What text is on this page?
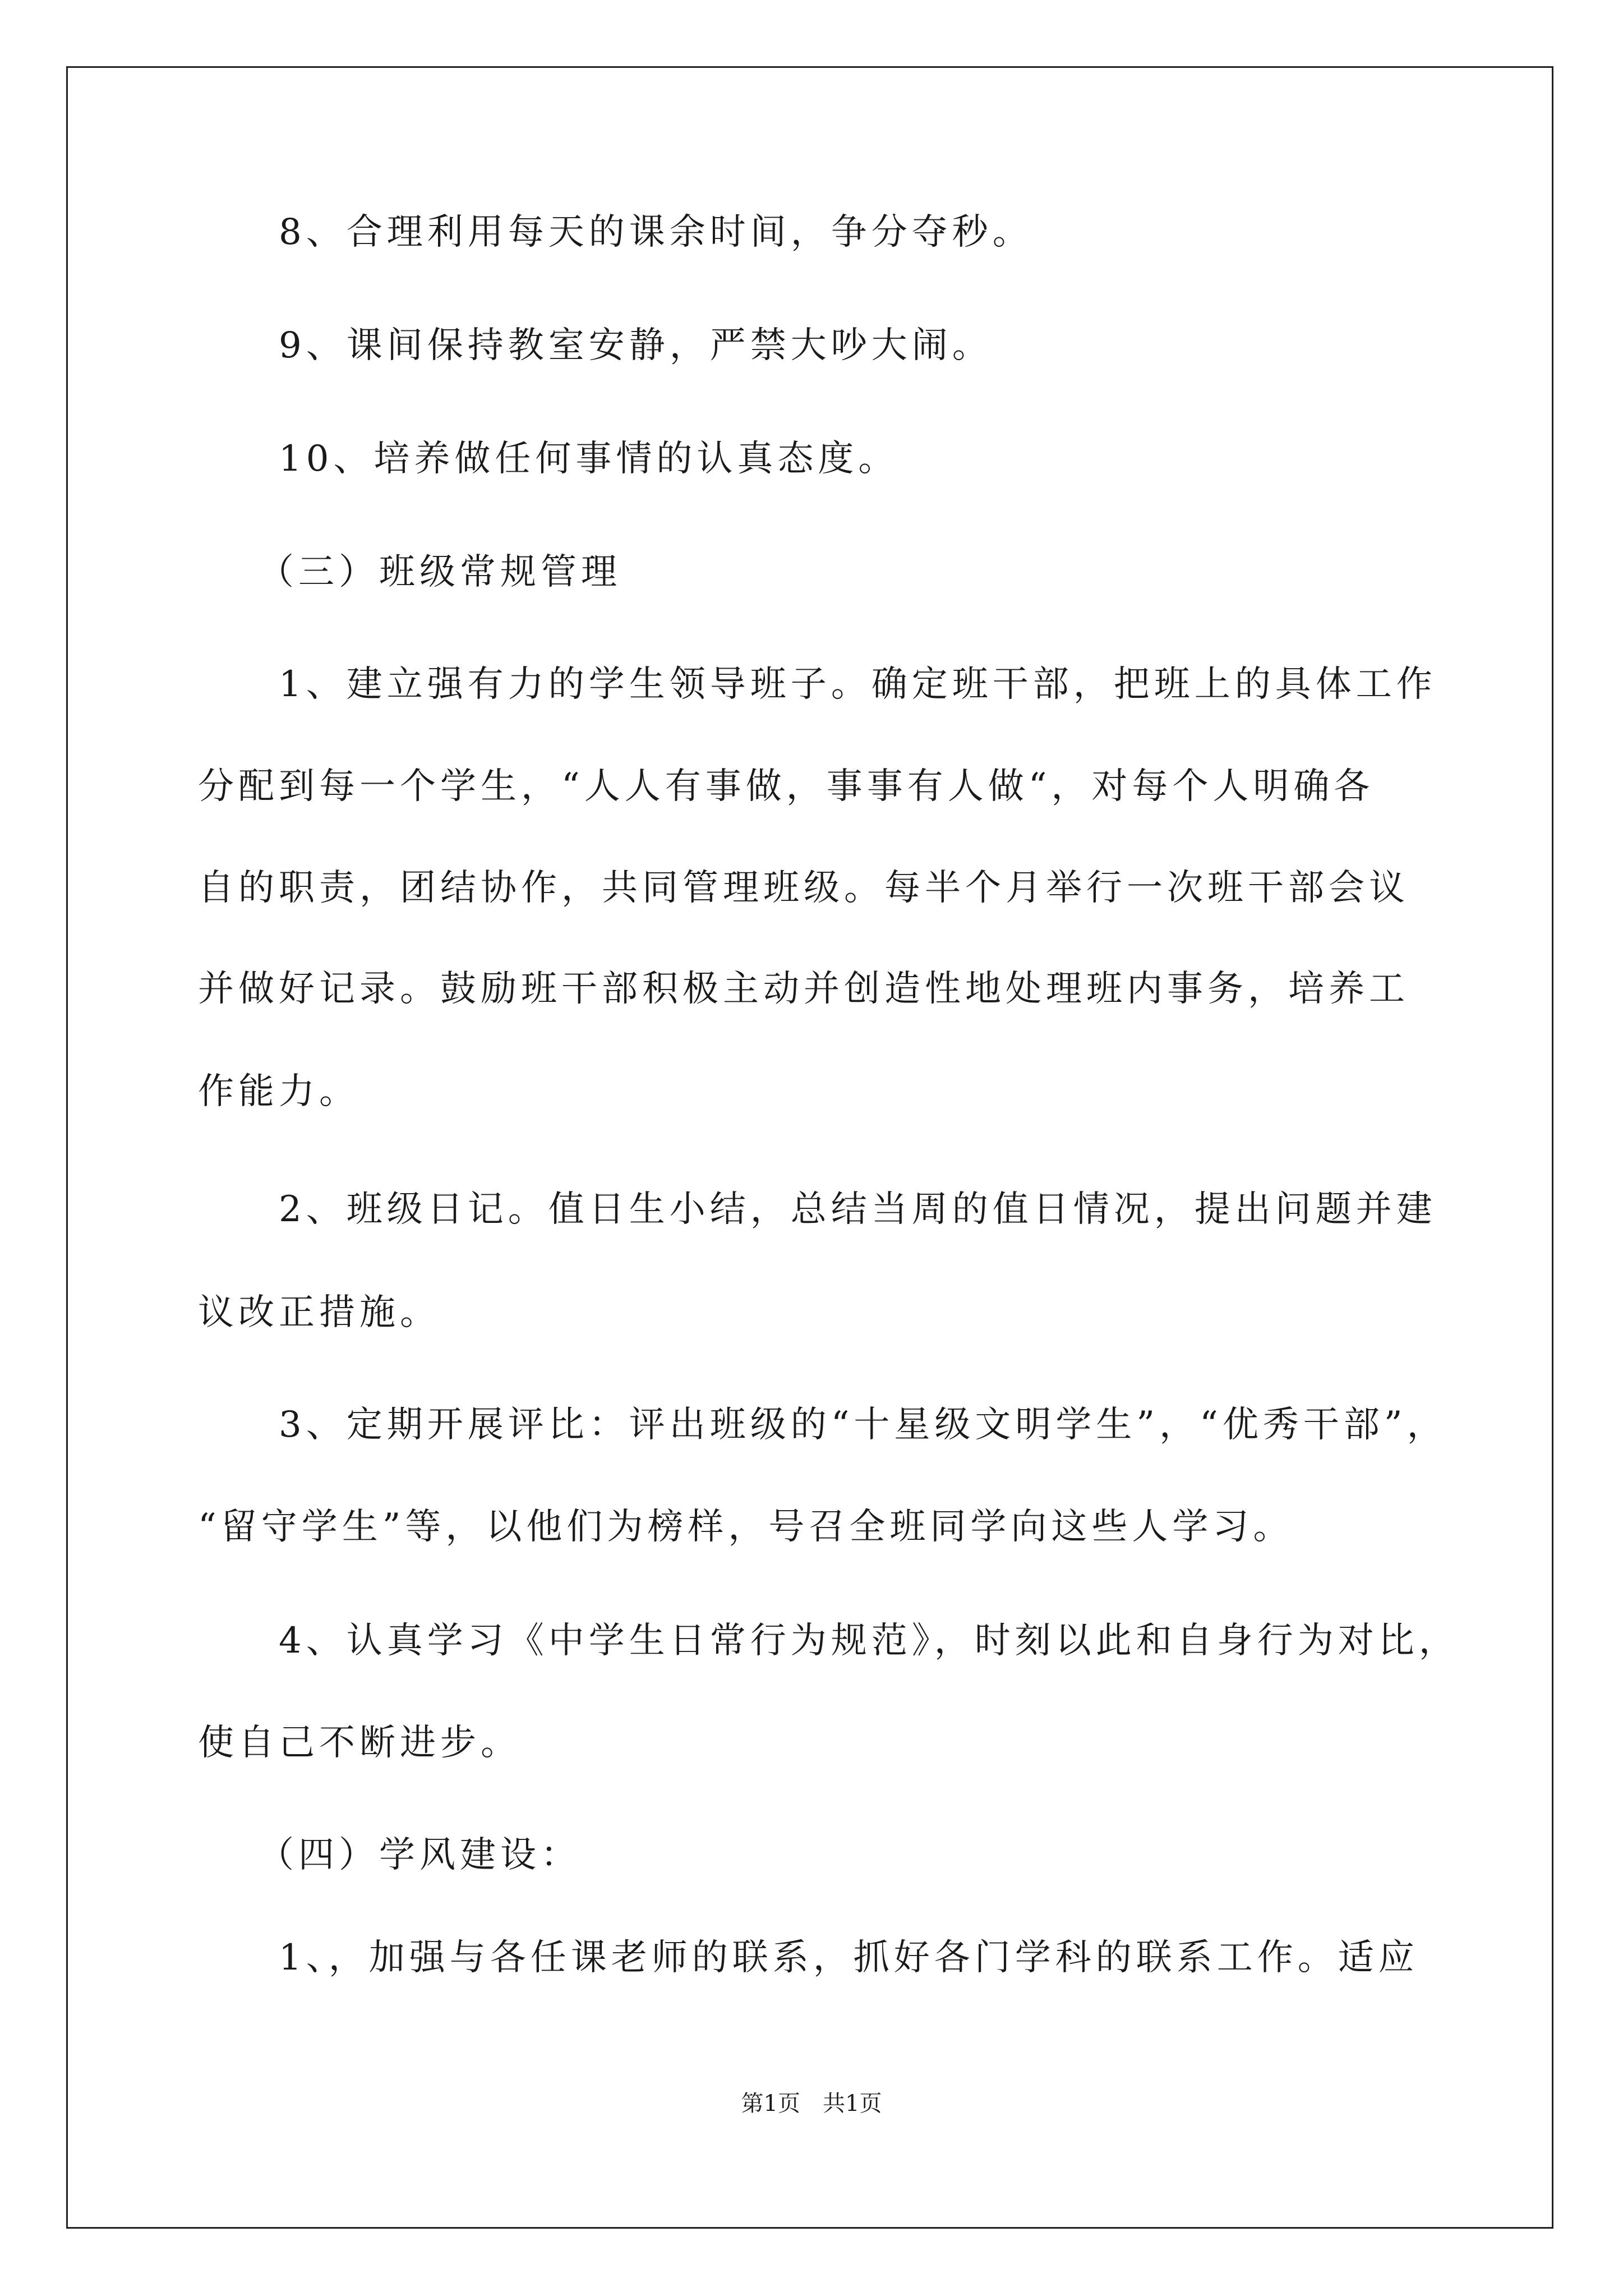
8、合理利用每天的课余时间，争分夺秒。
9、课间保持教室安静，严禁大吵大闹。
10、培养做任何事情的认真态度。
（三）班级常规管理
1、建立强有力的学生领导班子。确定班干部，把班上的具体工作
分配到每一个学生，“人人有事做，事事有人做“，对每个人明确各
自的职责，团结协作，共同管理班级。每半个月举行一次班干部会议
并做好记录。鼓励班干部积极主动并创造性地处理班内事务，培养工
作能力。
2、班级日记。值日生小结，总结当周的值日情况，提出问题并建
议改正措施。
3、定期开展评比：评出班级的“十星级文明学生”，“优秀干部”，
“留守学生”等，以他们为榜样，号召全班同学向这些人学习。
4、认真学习《中学生日常行为规范》，时刻以此和自身行为对比，
使自己不断进步。
（四）学风建设：
1、，加强与各任课老师的联系，抓好各门学科的联系工作。适应
第1页　共1页
